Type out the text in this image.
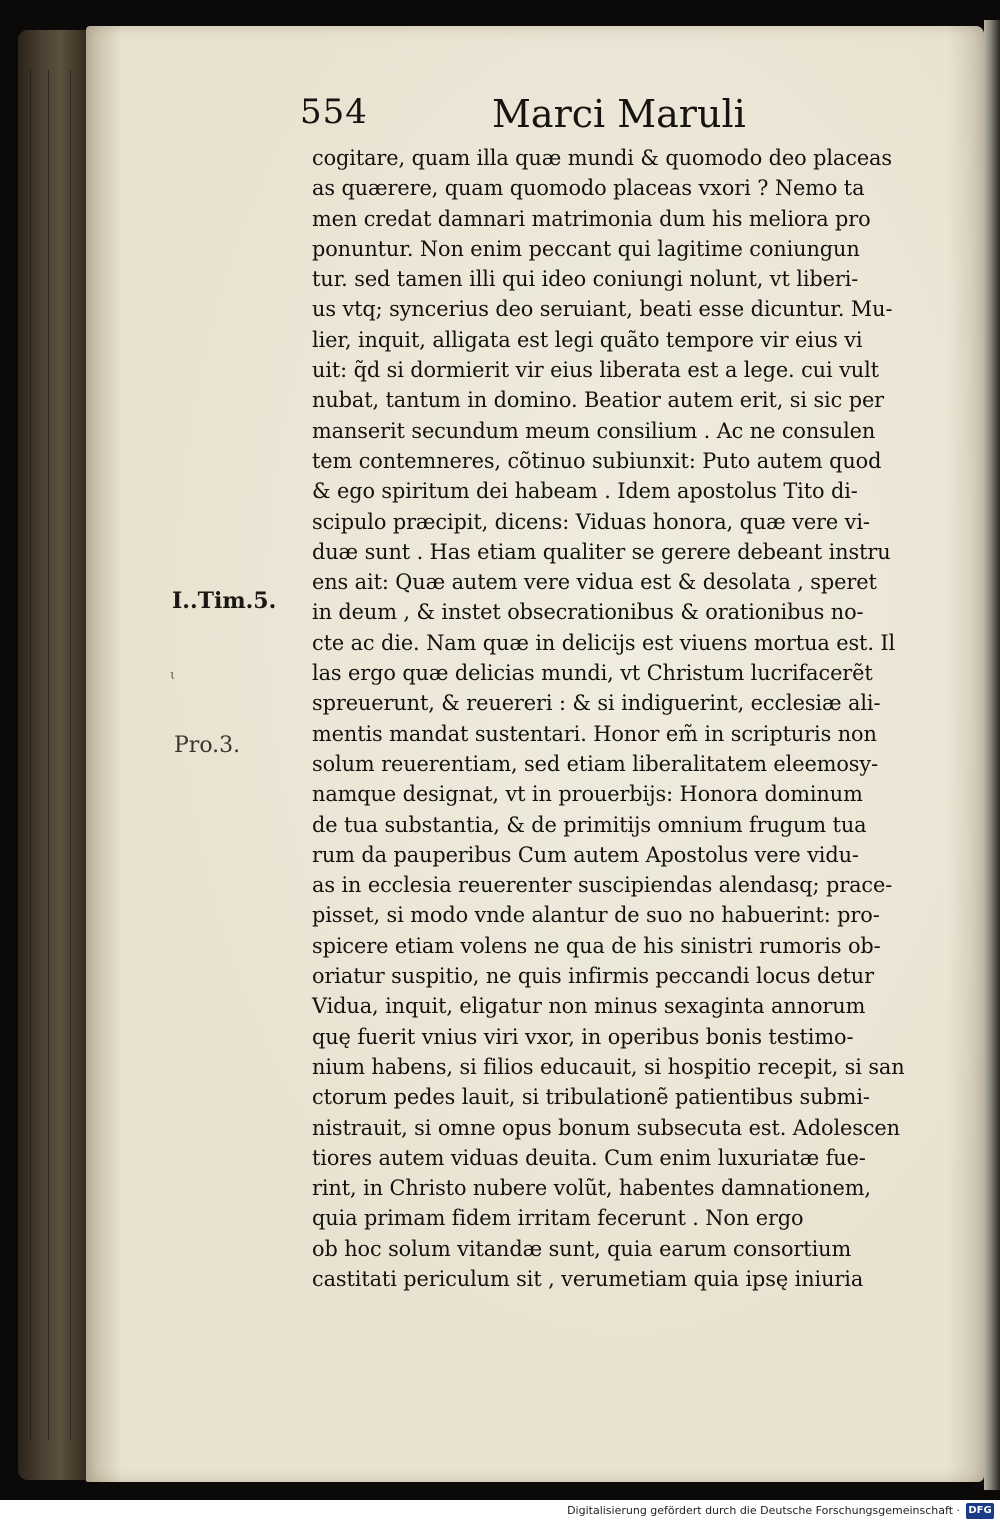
554	Marci Maruli
I..Tim.5.
ι
Pro.3.
cogitare, quam illa quæ mundi & quomodo deo placeas
as quærere, quam quomodo placeas vxori ? Nemo ta
men credat damnari matrimonia dum his meliora pro
ponuntur. Non enim peccant qui lagitime coniungun
tur. sed tamen illi qui ideo coniungi nolunt, vt liberi-
us vtq; syncerius deo seruiant, beati esse dicuntur. Mu-
lier, inquit, alligata est legi quãto tempore vir eius vi
uit: q̃d si dormierit vir eius liberata est a lege. cui vult
nubat, tantum in domino. Beatior autem erit, si sic per
manserit secundum meum consilium . Ac ne consulen
tem contemneres, cõtinuo subiunxit: Puto autem quod
& ego spiritum dei habeam . Idem apostolus Tito di-
scipulo præcipit, dicens: Viduas honora, quæ vere vi-
duæ sunt . Has etiam qualiter se gerere debeant instru
ens ait: Quæ autem vere vidua est & desolata , speret
in deum , & instet obsecrationibus & orationibus no-
cte ac die. Nam quæ in delicijs est viuens mortua est. Il
las ergo quæ delicias mundi, vt Christum lucrifacerẽt
spreuerunt, & reuereri : & si indiguerint, ecclesiæ ali-
mentis mandat sustentari. Honor em̃ in scripturis non
solum reuerentiam, sed etiam liberalitatem eleemosy-
namque designat, vt in prouerbijs: Honora dominum
de tua substantia, & de primitijs omnium frugum tua
rum da pauperibus Cum autem Apostolus vere vidu-
as in ecclesia reuerenter suscipiendas alendasq; prace-
pisset, si modo vnde alantur de suo no habuerint: pro-
spicere etiam volens ne qua de his sinistri rumoris ob-
oriatur suspitio, ne quis infirmis peccandi locus detur
Vidua, inquit, eligatur non minus sexaginta annorum
quę fuerit vnius viri vxor, in operibus bonis testimo-
nium habens, si filios educauit, si hospitio recepit, si san
ctorum pedes lauit, si tribulationẽ patientibus submi-
nistrauit, si omne opus bonum subsecuta est. Adolescen
tiores autem viduas deuita. Cum enim luxuriatæ fue-
rint, in Christo nubere volũt, habentes damnationem,
quia primam fidem irritam fecerunt . Non ergo
ob hoc solum vitandæ sunt, quia earum consortium
castitati periculum sit , verumetiam quia ipsę iniuria
Digitalisierung gefördert durch die Deutsche Forschungsgemeinschaft · DFG
